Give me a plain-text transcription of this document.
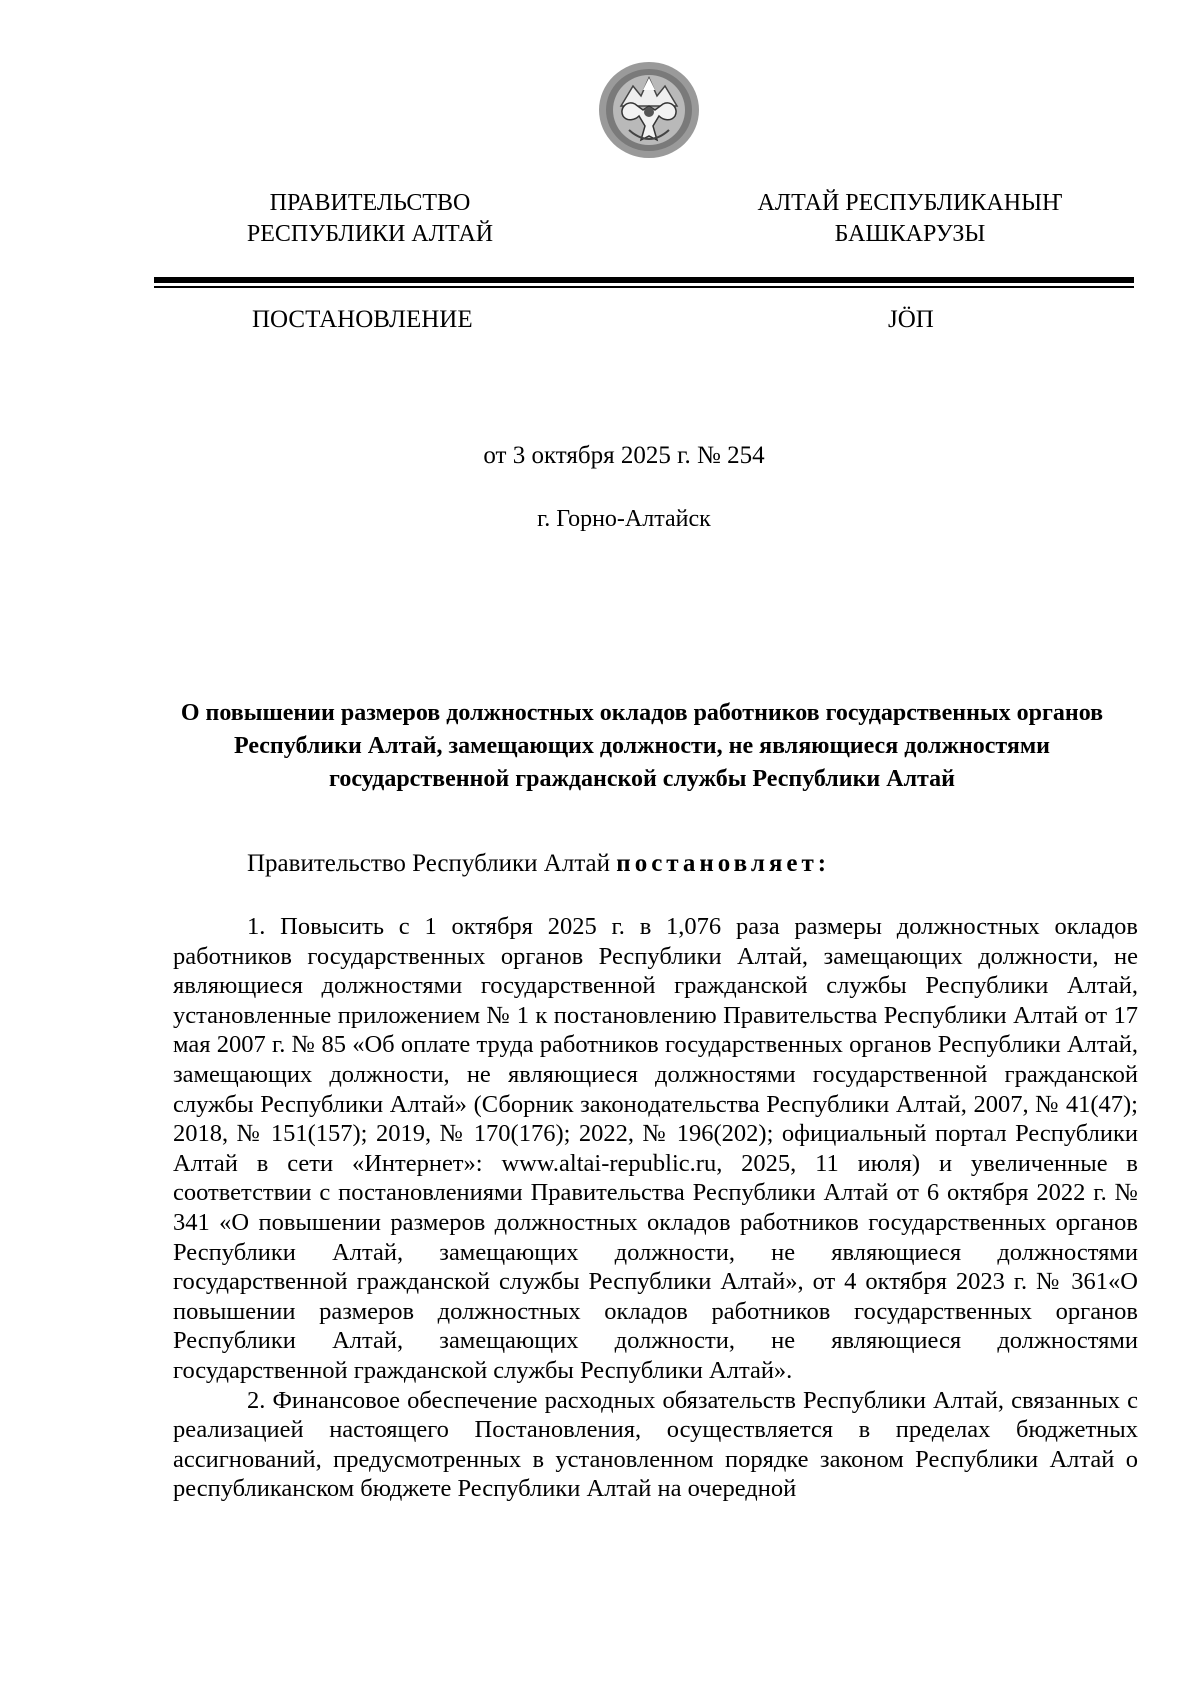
ПРАВИТЕЛЬСТВО
РЕСПУБЛИКИ АЛТАЙ
АЛТАЙ РЕСПУБЛИКАНЫҤ
БАШКАРУЗЫ
ПОСТАНОВЛЕНИЕ	JÖП
от 3 октября 2025 г. № 254
г. Горно-Алтайск
О повышении размеров должностных окладов работников государственных органов
Республики Алтай, замещающих должности, не являющиеся должностями
государственной гражданской службы Республики Алтай
Правительство Республики Алтай постановляет:

1. Повысить с 1 октября 2025 г. в 1,076 раза размеры должностных окладов работников государственных органов Республики Алтай, замещающих должности, не являющиеся должностями государственной гражданской службы Республики Алтай, установленные приложением № 1 к постановлению Правительства Республики Алтай от 17 мая 2007 г. № 85 «Об оплате труда работников государственных органов Республики Алтай, замещающих должности, не являющиеся должностями государственной гражданской службы Республики Алтай» (Сборник законодательства Республики Алтай, 2007, № 41(47); 2018, № 151(157); 2019, № 170(176); 2022, № 196(202); официальный портал Республики Алтай в сети «Интернет»: www.altai-republic.ru, 2025, 11 июля) и увеличенные в соответствии с постановлениями Правительства Республики Алтай от 6 октября 2022 г. № 341 «О повышении размеров должностных окладов работников государственных органов Республики Алтай, замещающих должности, не являющиеся должностями государственной гражданской службы Республики Алтай», от 4 октября 2023 г. № 361«О повышении размеров должностных окладов работников государственных органов Республики Алтай, замещающих должности, не являющиеся должностями государственной гражданской службы Республики Алтай».

2. Финансовое обеспечение расходных обязательств Республики Алтай, связанных с реализацией настоящего Постановления, осуществляется в пределах бюджетных ассигнований, предусмотренных в установленном порядке законом Республики Алтай о республиканском бюджете Республики Алтай на очередной
